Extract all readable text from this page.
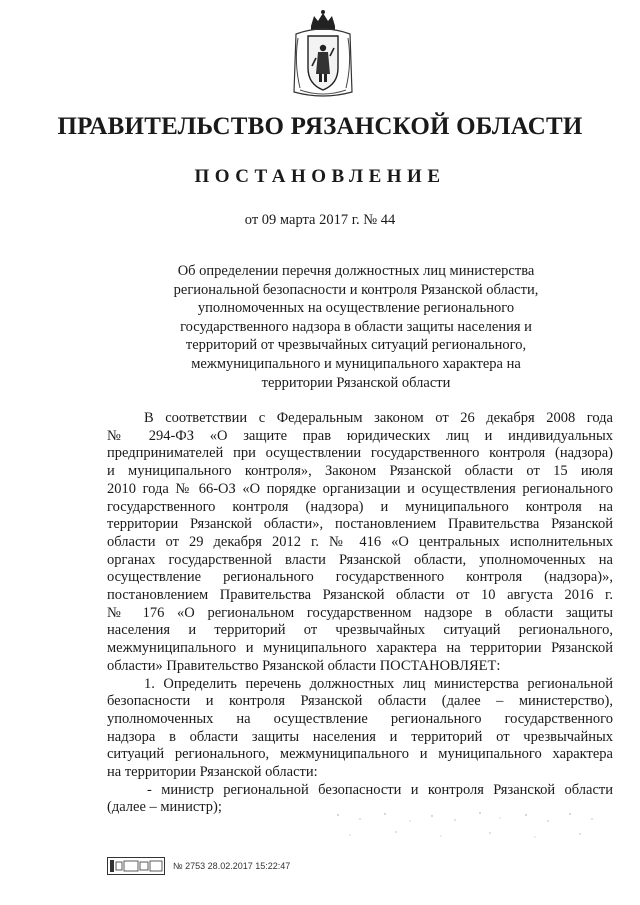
ПРАВИТЕЛЬСТВО РЯЗАНСКОЙ ОБЛАСТИ
ПОСТАНОВЛЕНИЕ
от 09 марта 2017 г. № 44
Об определении перечня должностных лиц министерства
региональной безопасности и контроля Рязанской области,
уполномоченных на осуществление регионального
государственного надзора в области защиты населения и
территорий от чрезвычайных ситуаций регионального,
межмуниципального и муниципального характера на
территории Рязанской области
В соответствии с Федеральным законом от 26 декабря 2008 года
№ 294-ФЗ «О защите прав юридических лиц и индивидуальных
предпринимателей при осуществлении государственного контроля (надзора)
и муниципального контроля», Законом Рязанской области от 15 июля
2010 года № 66-ОЗ «О порядке организации и осуществления регионального
государственного контроля (надзора) и муниципального контроля на
территории Рязанской области», постановлением Правительства Рязанской
области от 29 декабря 2012 г. № 416 «О центральных исполнительных
органах государственной власти Рязанской области, уполномоченных на
осуществление регионального государственного контроля (надзора)»,
постановлением Правительства Рязанской области от 10 августа 2016 г.
№ 176 «О региональном государственном надзоре в области защиты
населения и территорий от чрезвычайных ситуаций регионального,
межмуниципального и муниципального характера на территории Рязанской
области» Правительство Рязанской области ПОСТАНОВЛЯЕТ:
1. Определить перечень должностных лиц министерства региональной
безопасности и контроля Рязанской области (далее – министерство),
уполномоченных на осуществление регионального государственного
надзора в области защиты населения и территорий от чрезвычайных
ситуаций регионального, межмуниципального и муниципального характера
на территории Рязанской области:
- министр региональной безопасности и контроля Рязанской области
(далее – министр);
№ 2753 28.02.2017 15:22:47
